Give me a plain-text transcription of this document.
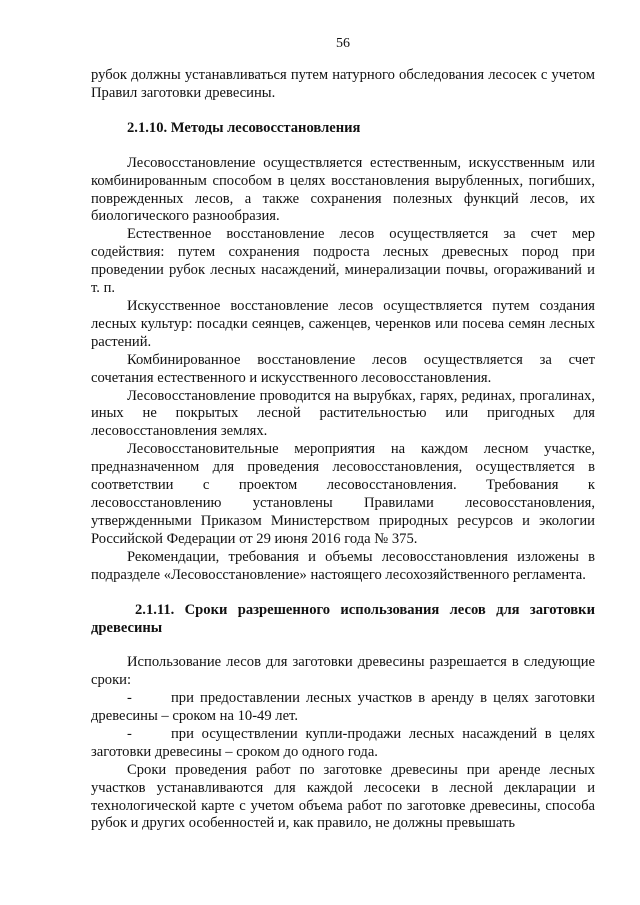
56

рубок должны устанавливаться путем натурного обследования лесосек с учетом Правил заготовки древесины.

2.1.10. Методы лесовосстановления

Лесовосстановление осуществляется естественным, искусственным или комбинированным способом в целях восстановления вырубленных, погибших, поврежденных лесов, а также сохранения полезных функций лесов, их биологического разнообразия.

Естественное восстановление лесов осуществляется за счет мер содействия: путем сохранения подроста лесных древесных пород при проведении рубок лесных насаждений, минерализации почвы, огораживаний и т. п.

Искусственное восстановление лесов осуществляется путем создания лесных культур: посадки сеянцев, саженцев, черенков или посева семян лесных растений.

Комбинированное восстановление лесов осуществляется за счет сочетания естественного и искусственного лесовосстановления.

Лесовосстановление проводится на вырубках, гарях, рединах, прогалинах, иных не покрытых лесной растительностью или пригодных для лесовосстановления землях.

Лесовосстановительные мероприятия на каждом лесном участке, предназначенном для проведения лесовосстановления, осуществляется в соответствии с проектом лесовосстановления. Требования к лесовосстановлению установлены Правилами лесовосстановления, утвержденными Приказом Министерством природных ресурсов и экологии Российской Федерации от 29 июня 2016 года № 375.

Рекомендации, требования и объемы лесовосстановления изложены в подразделе «Лесовосстановление» настоящего лесохозяйственного регламента.

2.1.11. Сроки разрешенного использования лесов для заготовки древесины

Использование лесов для заготовки древесины разрешается в следующие сроки:

-	при предоставлении лесных участков в аренду в целях заготовки древесины – сроком на 10-49 лет.

-	при осуществлении купли-продажи лесных насаждений в целях заготовки древесины – сроком до одного года.

Сроки проведения работ по заготовке древесины при аренде лесных участков устанавливаются для каждой лесосеки в лесной декларации и технологической карте с учетом объема работ по заготовке древесины, способа рубок и других особенностей и, как правило, не должны превышать
